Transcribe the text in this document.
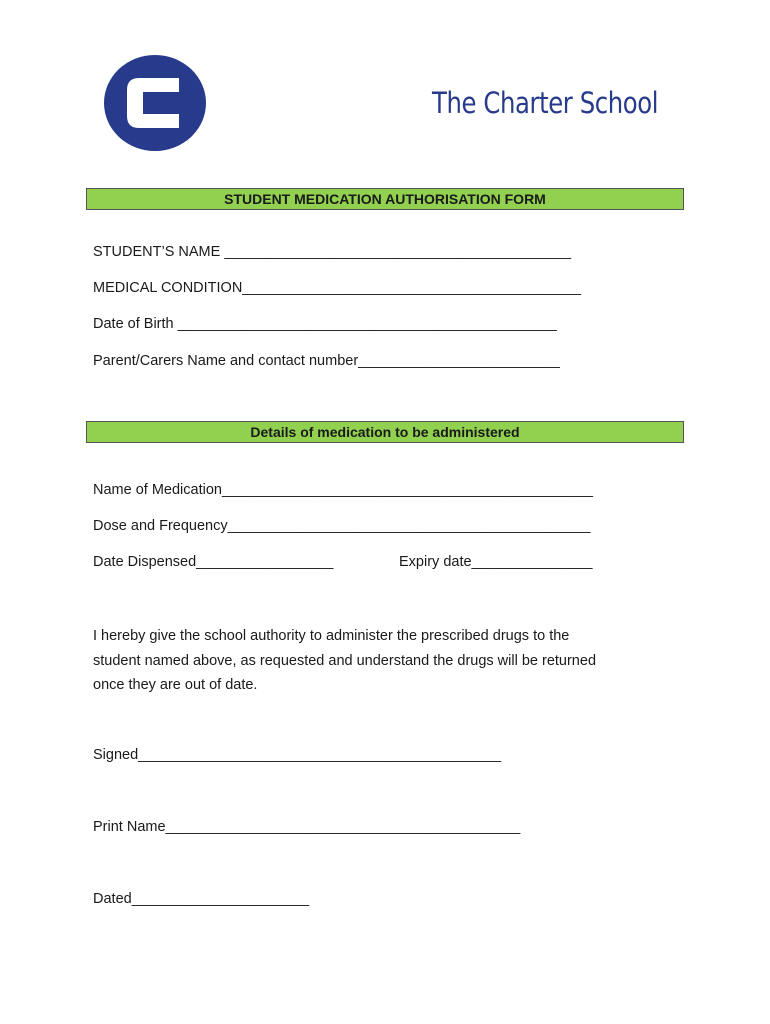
The Charter School
STUDENT MEDICATION AUTHORISATION FORM
STUDENT’S NAME ___________________________________________
MEDICAL CONDITION__________________________________________
Date of Birth _______________________________________________
Parent/Carers Name and contact number_________________________
Details of medication to be administered
Name of Medication______________________________________________
Dose and Frequency_____________________________________________
Date Dispensed_________________	Expiry date_______________

I hereby give the school authority to administer the prescribed drugs to the

student named above, as requested and understand the drugs will be returned

once they are out of date.

Signed_____________________________________________
Print Name____________________________________________
Dated______________________
